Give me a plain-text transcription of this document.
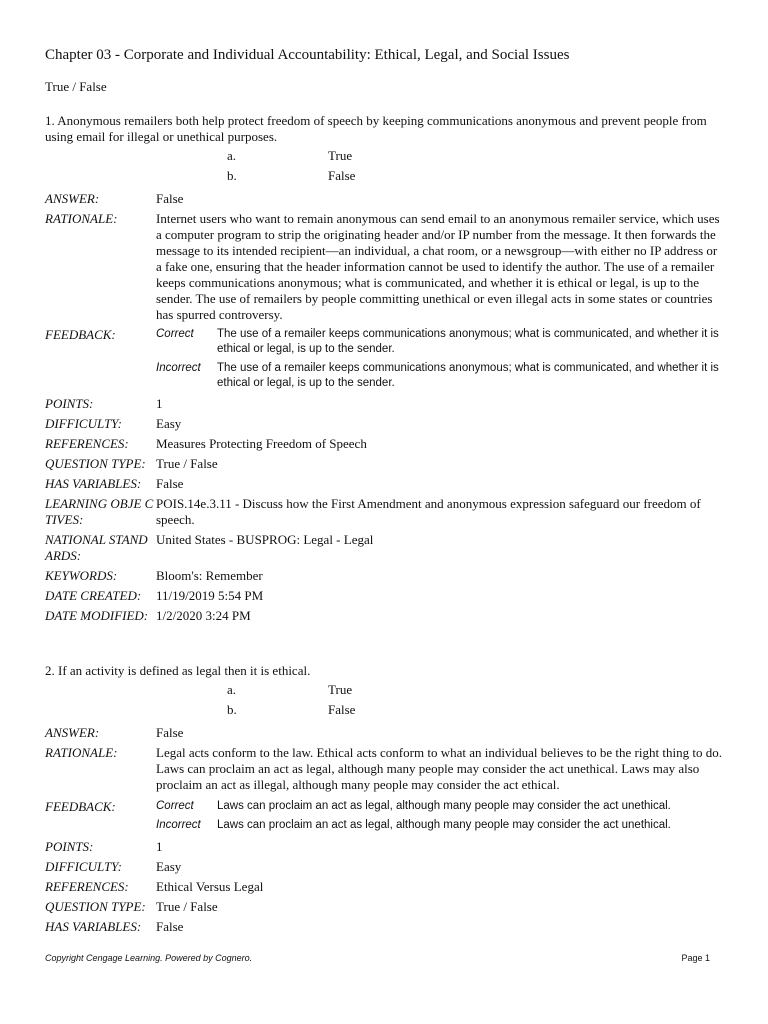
Chapter 03 - Corporate and Individual Accountability: Ethical, Legal, and Social Issues
True / False

1. Anonymous remailers both help protect freedom of speech by keeping communications anonymous and prevent people from using email for illegal or unethical purposes.

a.	True
b.	False
ANSWER:	False
RATIONALE:	Internet users who want to remain anonymous can send email to an anonymous remailer service, which uses a computer program to strip the originating header and/or IP number from the message. It then forwards the message to its intended recipient—an individual, a chat room, or a newsgroup—with either no IP address or a fake one, ensuring that the header information cannot be used to identify the author. The use of a remailer keeps communications anonymous; what is communicated, and whether it is ethical or legal, is up to the sender. The use of remailers by people committing unethical or even illegal acts in some states or countries has spurred controversy.
FEEDBACK:	Correct The use of a remailer keeps communications anonymous; what is communicated, and whether it is ethical or legal, is up to the sender.
Incorrect The use of a remailer keeps communications anonymous; what is communicated, and whether it is ethical or legal, is up to the sender.
POINTS:	1
DIFFICULTY:	Easy
REFERENCES:	Measures Protecting Freedom of Speech
QUESTION TYPE: True / False
HAS VARIABLES:	False
LEARNING OBJE CTIVES:
POIS.14e.3.11 - Discuss how the First Amendment and anonymous expression safeguard our freedom of speech.
NATIONAL STAND ARDS:
United States - BUSPROG: Legal - Legal
KEYWORDS:	Bloom's: Remember
DATE CREATED:	11/19/2019 5:54 PM
DATE MODIFIED: 1/2/2020 3:24 PM

2. If an activity is defined as legal then it is ethical.

a.	True
b.	False
ANSWER:	False
RATIONALE:	Legal acts conform to the law. Ethical acts conform to what an individual believes to be the right thing to do. Laws can proclaim an act as legal, although many people may consider the act unethical. Laws may also proclaim an act as illegal, although many people may consider the act ethical.
FEEDBACK:	Correct Laws can proclaim an act as legal, although many people may consider the act unethical.
Incorrect Laws can proclaim an act as legal, although many people may consider the act unethical.
POINTS:	1
DIFFICULTY:	Easy
REFERENCES:	Ethical Versus Legal
QUESTION TYPE: True / False
HAS VARIABLES:	False
Copyright Cengage Learning. Powered by Cognero.	Page 1
